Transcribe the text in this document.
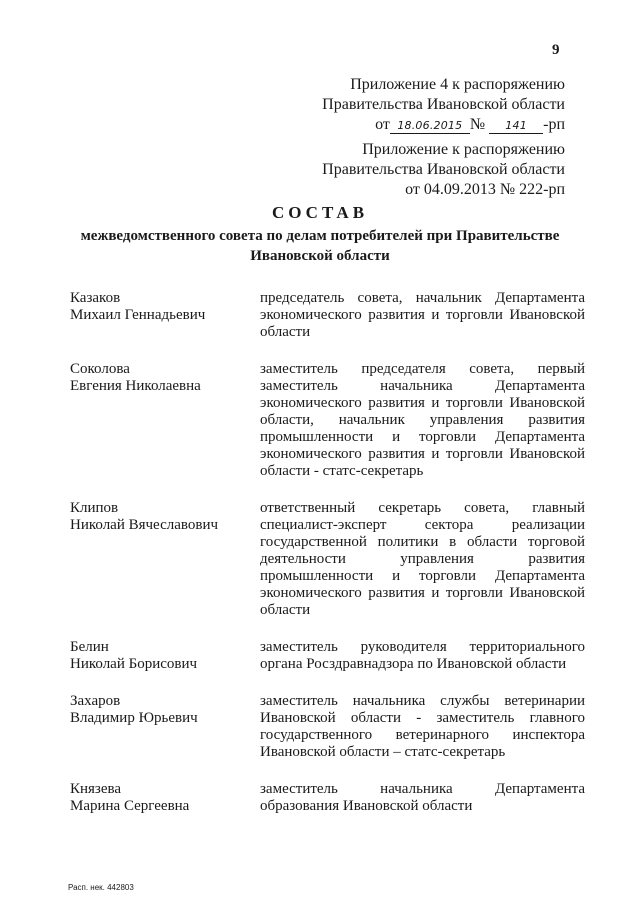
9
Приложение 4 к распоряжению
Правительства Ивановской области
от 18.06.2015 № 141 -рп
Приложение к распоряжению
Правительства Ивановской области
от 04.09.2013 № 222-рп
СОСТАВ
межведомственного совета по делам потребителей при Правительстве
Ивановской области
Казаков
Михаил Геннадьевич
председатель совета, начальник Департамента экономического развития и торговли Ивановской области
Соколова
Евгения Николаевна
заместитель председателя совета, первый заместитель начальника Департамента экономического развития и торговли Ивановской области, начальник управления развития промышленности и торговли Департамента экономического развития и торговли Ивановской области - статс-секретарь
Клипов
Николай Вячеславович
ответственный секретарь совета, главный специалист-эксперт сектора реализации государственной политики в области торговой деятельности управления развития промышленности и торговли Департамента экономического развития и торговли Ивановской области
Белин
Николай Борисович
заместитель руководителя территориального органа Росздравнадзора по Ивановской области
Захаров
Владимир Юрьевич
заместитель начальника службы ветеринарии Ивановской области - заместитель главного государственного ветеринарного инспектора Ивановской области – статс-секретарь
Князева
Марина Сергеевна
заместитель начальника Департамента образования Ивановской области
Расп. нек. 442803
